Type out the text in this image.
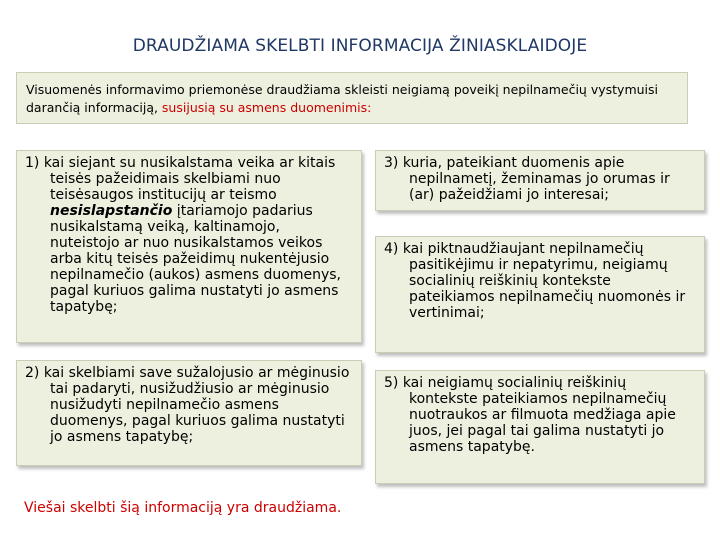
DRAUDŽIAMA SKELBTI INFORMACIJA ŽINIASKLAIDOJE
Visuomenės informavimo priemonėse draudžiama skleisti neigiamą poveikį nepilnamečių vystymuisi darančią informaciją, susijusią su asmens duomenimis:

1) kai siejant su nusikalstama veika ar kitais teisės pažeidimais skelbiami nuo teisėsaugos institucijų ar teismo nesislapstančio įtariamojo padarius nusikalstamą veiką, kaltinamojo, nuteistojo ar nuo nusikalstamos veikos arba kitų teisės pažeidimų nukentėjusio nepilnamečio (aukos) asmens duomenys, pagal kuriuos galima nustatyti jo asmens tapatybę;

2) kai skelbiami save sužalojusio ar mėginusio tai padaryti, nusižudžiusio ar mėginusio nusižudyti nepilnamečio asmens duomenys, pagal kuriuos galima nustatyti jo asmens tapatybę;

3) kuria, pateikiant duomenis apie nepilnametį, žeminamas jo orumas ir (ar) pažeidžiami jo interesai;

4) kai piktnaudžiaujant nepilnamečių pasitikėjimu ir nepatyrimu, neigiamų socialinių reiškinių kontekste pateikiamos nepilnamečių nuomonės ir vertinimai;

5) kai neigiamų socialinių reiškinių kontekste pateikiamos nepilnamečių nuotraukos ar filmuota medžiaga apie juos, jei pagal tai galima nustatyti jo asmens tapatybę.

Viešai skelbti šią informaciją yra draudžiama.
